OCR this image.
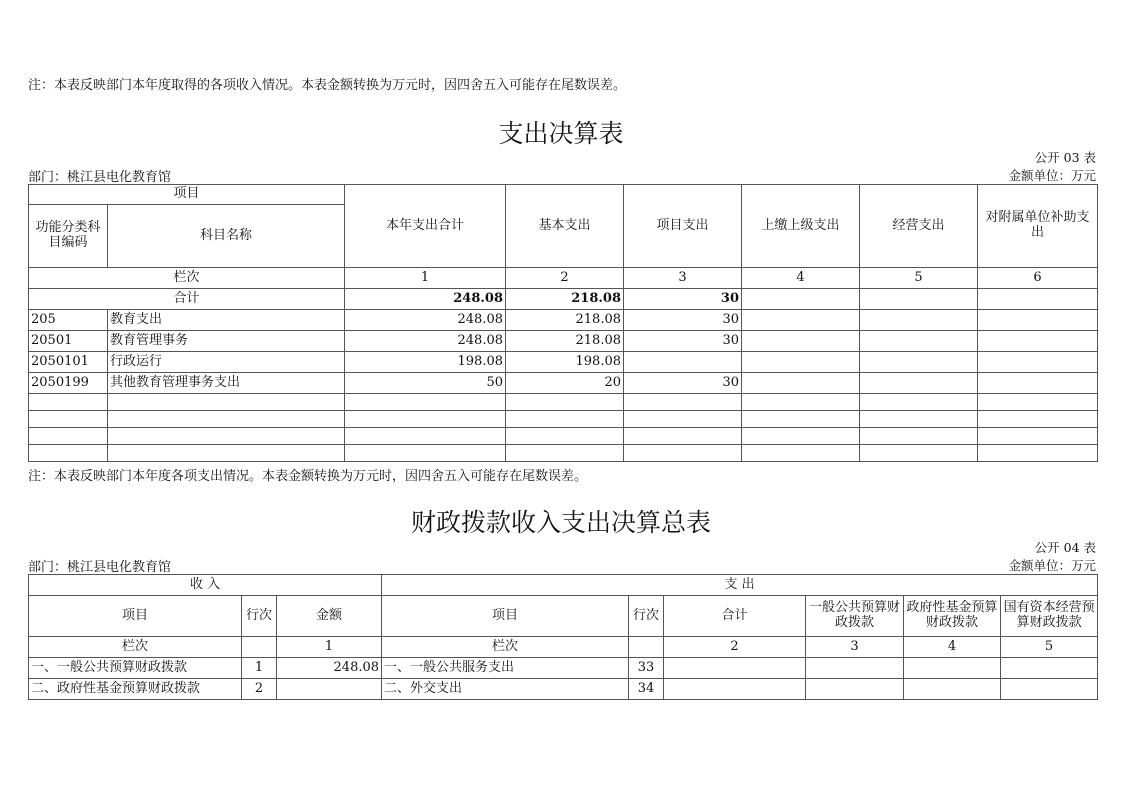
注：本表反映部门本年度取得的各项收入情况。本表金额转换为万元时，因四舍五入可能存在尾数误差。
支出决算表
公开 03 表
部门：桃江县电化教育馆	金额单位：万元
项目		本年支出合计	基本支出	项目支出	上缴上级支出	经营支出	对附属单位补助支出
功能分类科目编码	科目名称						
栏次		1	2	3	4	5	6
合计		248.08	218.08	30			
205	教育支出	248.08	218.08	30			
20501	教育管理事务	248.08	218.08	30			
2050101	行政运行	198.08	198.08				
2050199	其他教育管理事务支出	50	20	30			

注：本表反映部门本年度各项支出情况。本表金额转换为万元时，因四舍五入可能存在尾数误差。
财政拨款收入支出决算总表
公开 04 表
部门：桃江县电化教育馆	金额单位：万元
收 入			支 出					
项目	行次	金额	项目	行次	合计	一般公共预算财政拨款	政府性基金预算财政拨款	国有资本经营预算财政拨款
栏次		1	栏次		2	3	4	5
一、一般公共预算财政拨款	1	248.08	一、一般公共服务支出	33				
二、政府性基金预算财政拨款	2		二、外交支出	34				
